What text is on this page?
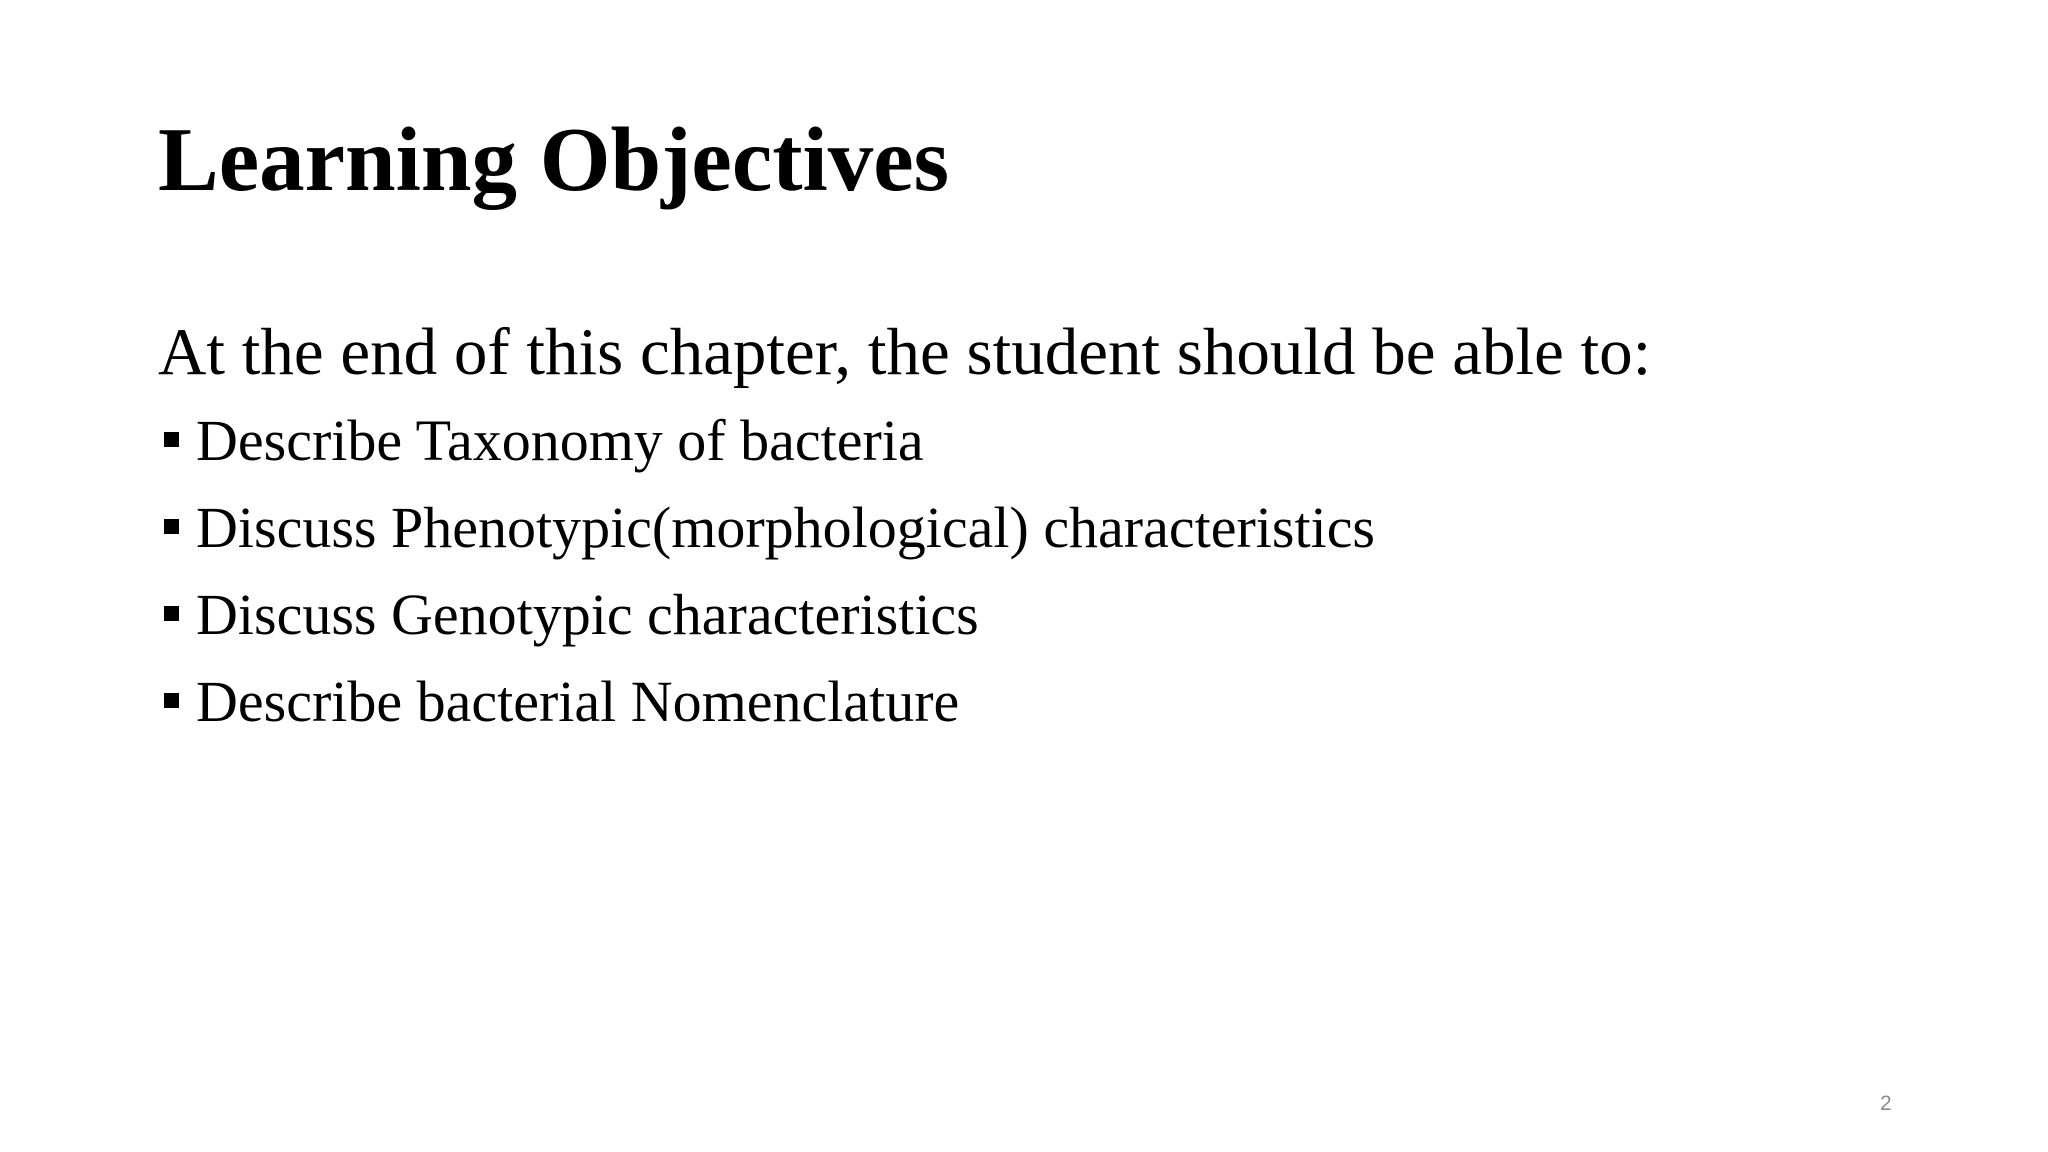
Learning Objectives

At the end of this chapter, the student should be able to:

Describe Taxonomy of bacteria
Discuss Phenotypic(morphological) characteristics
Discuss Genotypic characteristics
Describe bacterial Nomenclature
2
